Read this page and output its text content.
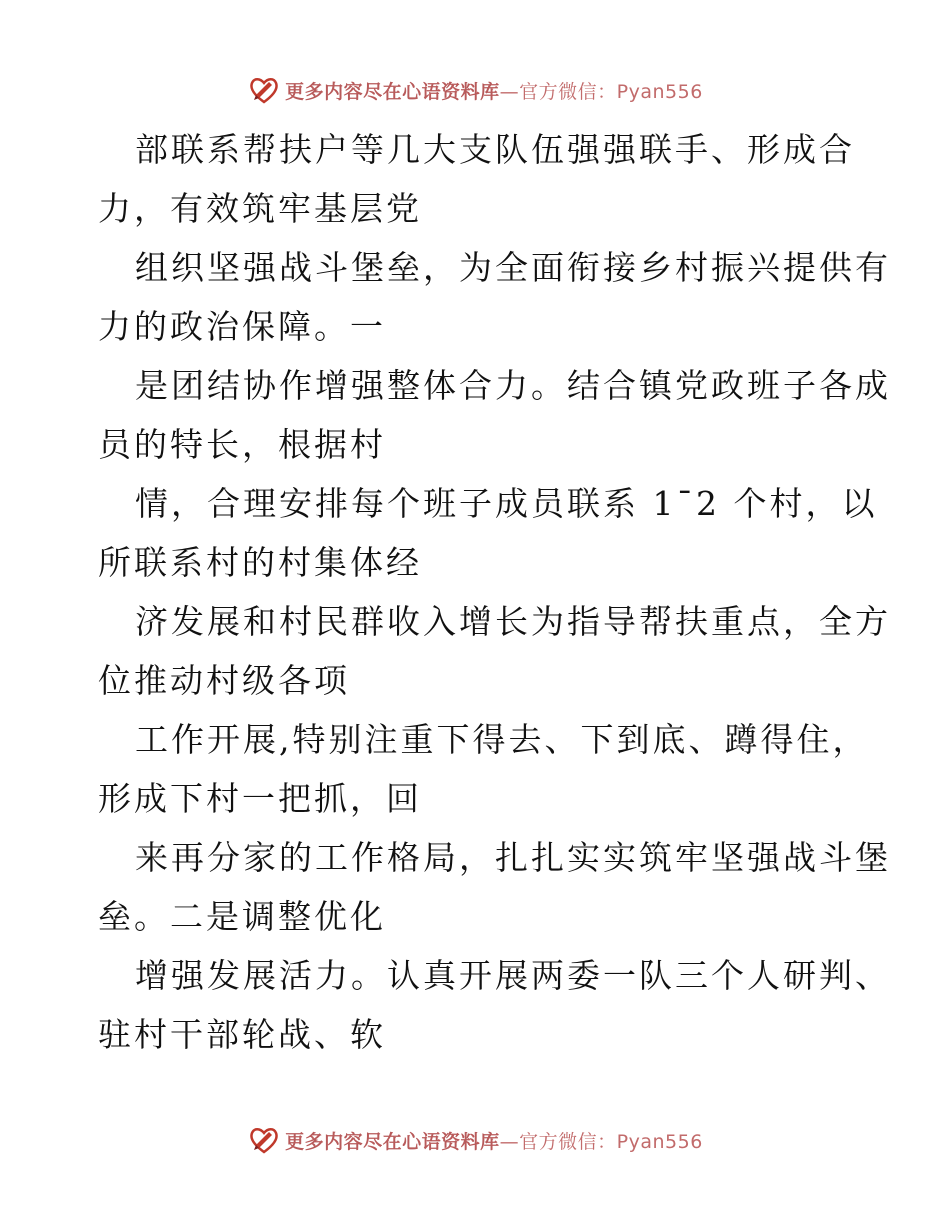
更多内容尽在心语资料库—官方微信：Pyan556

部联系帮扶户等几大支队伍强强联手、形成合
力，有效筑牢基层党
组织坚强战斗堡垒，为全面衔接乡村振兴提供有
力的政治保障。一
是团结协作增强整体合力。结合镇党政班子各成
员的特长，根据村
情，合理安排每个班子成员联系 1¯2 个村，以
所联系村的村集体经
济发展和村民群收入增长为指导帮扶重点，全方
位推动村级各项
工作开展,特别注重下得去、下到底、蹲得住，
形成下村一把抓，回
来再分家的工作格局，扎扎实实筑牢坚强战斗堡
垒。二是调整优化
增强发展活力。认真开展两委一队三个人研判、
驻村干部轮战、软

更多内容尽在心语资料库—官方微信：Pyan556
